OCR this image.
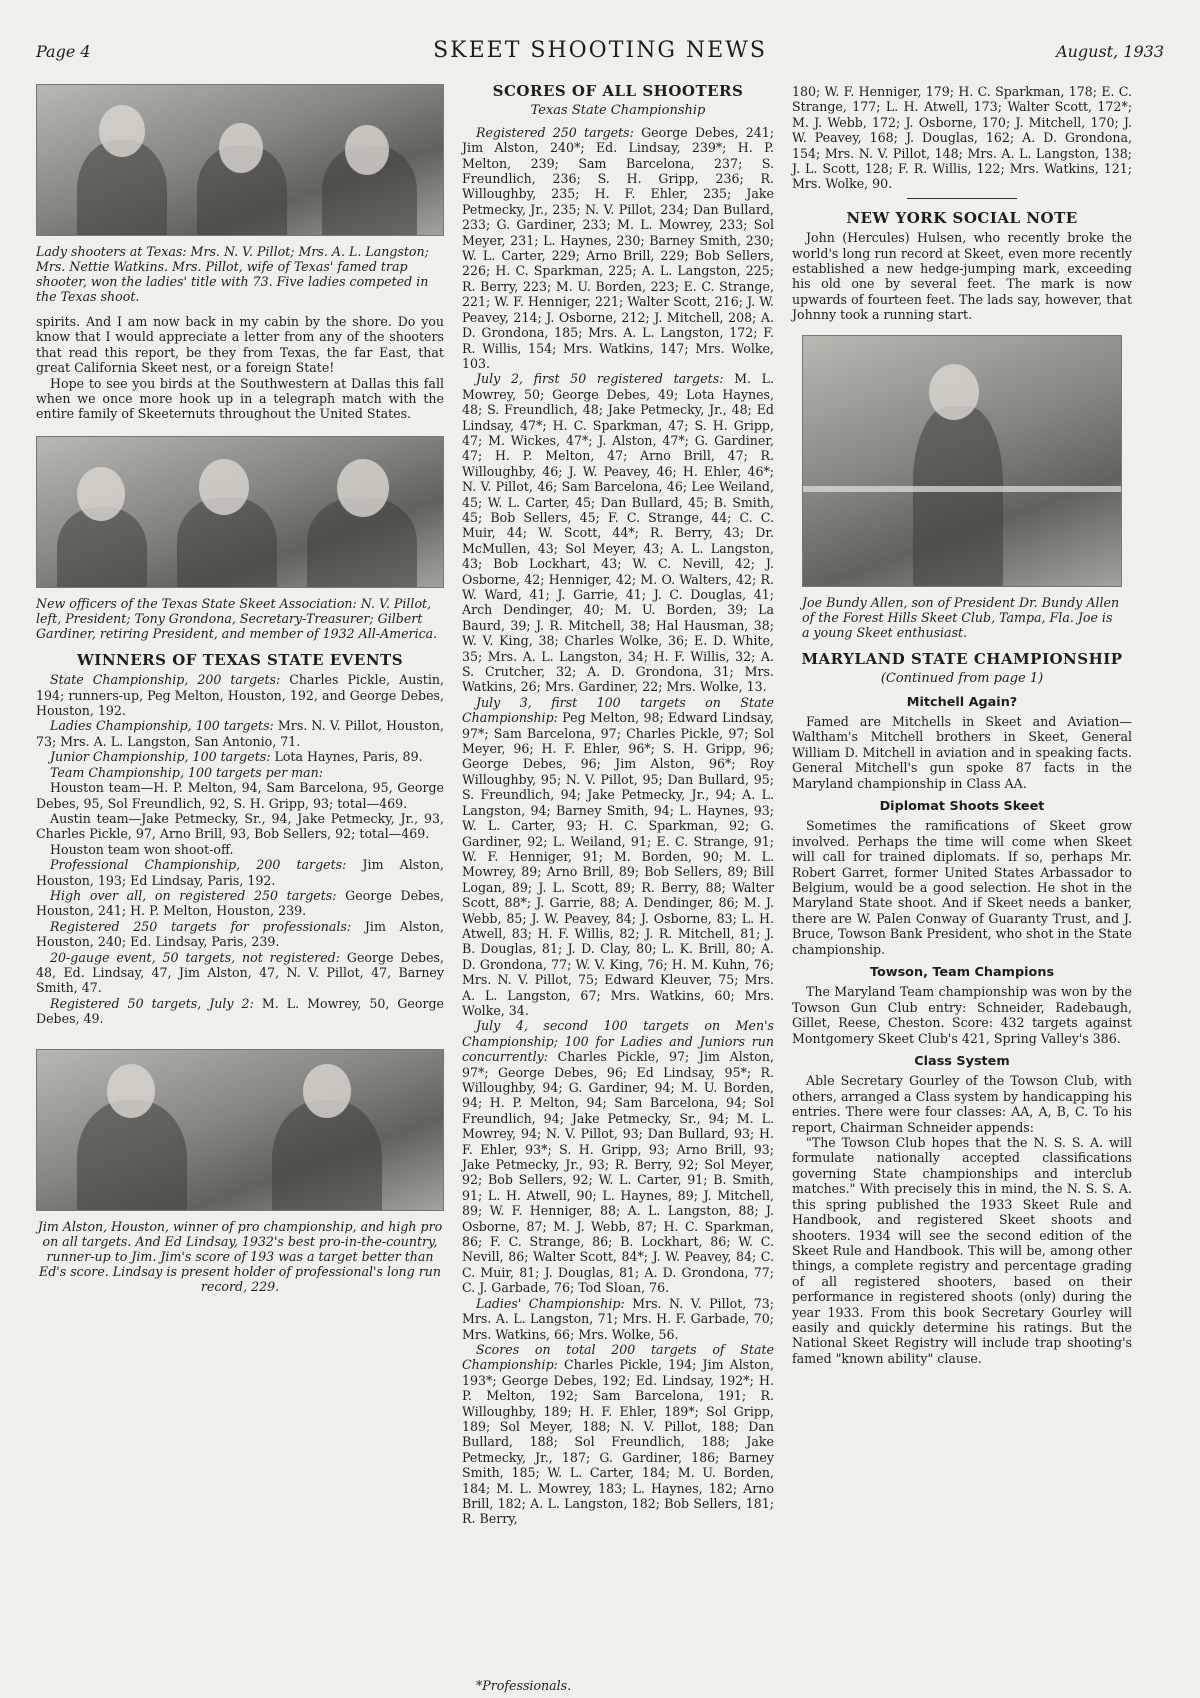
Page 4	SKEET SHOOTING NEWS	August, 1933
Lady shooters at Texas: Mrs. N. V. Pillot; Mrs. A. L. Langston; Mrs. Nettie Watkins. Mrs. Pillot, wife of Texas' famed trap shooter, won the ladies' title with 73. Five ladies competed in the Texas shoot.

spirits. And I am now back in my cabin by the shore. Do you know that I would appreciate a letter from any of the shooters that read this report, be they from Texas, the far East, that great California Skeet nest, or a foreign State!

Hope to see you birds at the Southwestern at Dallas this fall when we once more hook up in a telegraph match with the entire family of Skeeternuts throughout the United States.

New officers of the Texas State Skeet Association: N. V. Pillot, left, President; Tony Grondona, Secretary-Treasurer; Gilbert Gardiner, retiring President, and member of 1932 All-America.
WINNERS OF TEXAS STATE EVENTS

State Championship, 200 targets: Charles Pickle, Austin, 194; runners-up, Peg Melton, Houston, 192, and George Debes, Houston, 192.

Ladies Championship, 100 targets: Mrs. N. V. Pillot, Houston, 73; Mrs. A. L. Langston, San Antonio, 71.

Junior Championship, 100 targets: Lota Haynes, Paris, 89.

Team Championship, 100 targets per man:

Houston team—H. P. Melton, 94, Sam Barcelona, 95, George Debes, 95, Sol Freundlich, 92, S. H. Gripp, 93; total—469.

Austin team—Jake Petmecky, Sr., 94, Jake Petmecky, Jr., 93, Charles Pickle, 97, Arno Brill, 93, Bob Sellers, 92; total—469.

Houston team won shoot-off.

Professional Championship, 200 targets: Jim Alston, Houston, 193; Ed Lindsay, Paris, 192.

High over all, on registered 250 targets: George Debes, Houston, 241; H. P. Melton, Houston, 239.

Registered 250 targets for professionals: Jim Alston, Houston, 240; Ed. Lindsay, Paris, 239.

20-gauge event, 50 targets, not registered: George Debes, 48, Ed. Lindsay, 47, Jim Alston, 47, N. V. Pillot, 47, Barney Smith, 47.

Registered 50 targets, July 2: M. L. Mowrey, 50, George Debes, 49.

Jim Alston, Houston, winner of pro championship, and high pro on all targets. And Ed Lindsay, 1932's best pro-in-the-country, runner-up to Jim. Jim's score of 193 was a target better than Ed's score. Lindsay is present holder of professional's long run record, 229.
SCORES OF ALL SHOOTERS
Texas State Championship

Registered 250 targets: George Debes, 241; Jim Alston, 240*; Ed. Lindsay, 239*; H. P. Melton, 239; Sam Barcelona, 237; S. Freundlich, 236; S. H. Gripp, 236; R. Willoughby, 235; H. F. Ehler, 235; Jake Petmecky, Jr., 235; N. V. Pillot, 234; Dan Bullard, 233; G. Gardiner, 233; M. L. Mowrey, 233; Sol Meyer, 231; L. Haynes, 230; Barney Smith, 230; W. L. Carter, 229; Arno Brill, 229; Bob Sellers, 226; H. C. Sparkman, 225; A. L. Langston, 225; R. Berry, 223; M. U. Borden, 223; E. C. Strange, 221; W. F. Henniger, 221; Walter Scott, 216; J. W. Peavey, 214; J. Osborne, 212; J. Mitchell, 208; A. D. Grondona, 185; Mrs. A. L. Langston, 172; F. R. Willis, 154; Mrs. Watkins, 147; Mrs. Wolke, 103.

July 2, first 50 registered targets: M. L. Mowrey, 50; George Debes, 49; Lota Haynes, 48; S. Freundlich, 48; Jake Petmecky, Jr., 48; Ed Lindsay, 47*; H. C. Sparkman, 47; S. H. Gripp, 47; M. Wickes, 47*; J. Alston, 47*; G. Gardiner, 47; H. P. Melton, 47; Arno Brill, 47; R. Willoughby, 46; J. W. Peavey, 46; H. Ehler, 46*; N. V. Pillot, 46; Sam Barcelona, 46; Lee Weiland, 45; W. L. Carter, 45; Dan Bullard, 45; B. Smith, 45; Bob Sellers, 45; F. C. Strange, 44; C. C. Muir, 44; W. Scott, 44*; R. Berry, 43; Dr. McMullen, 43; Sol Meyer, 43; A. L. Langston, 43; Bob Lockhart, 43; W. C. Nevill, 42; J. Osborne, 42; Henniger, 42; M. O. Walters, 42; R. W. Ward, 41; J. Garrie, 41; J. C. Douglas, 41; Arch Dendinger, 40; M. U. Borden, 39; La Baurd, 39; J. R. Mitchell, 38; Hal Hausman, 38; W. V. King, 38; Charles Wolke, 36; E. D. White, 35; Mrs. A. L. Langston, 34; H. F. Willis, 32; A. S. Crutcher, 32; A. D. Grondona, 31; Mrs. Watkins, 26; Mrs. Gardiner, 22; Mrs. Wolke, 13.

July 3, first 100 targets on State Championship: Peg Melton, 98; Edward Lindsay, 97*; Sam Barcelona, 97; Charles Pickle, 97; Sol Meyer, 96; H. F. Ehler, 96*; S. H. Gripp, 96; George Debes, 96; Jim Alston, 96*; Roy Willoughby, 95; N. V. Pillot, 95; Dan Bullard, 95; S. Freundlich, 94; Jake Petmecky, Jr., 94; A. L. Langston, 94; Barney Smith, 94; L. Haynes, 93; W. L. Carter, 93; H. C. Sparkman, 92; G. Gardiner, 92; L. Weiland, 91; E. C. Strange, 91; W. F. Henniger, 91; M. Borden, 90; M. L. Mowrey, 89; Arno Brill, 89; Bob Sellers, 89; Bill Logan, 89; J. L. Scott, 89; R. Berry, 88; Walter Scott, 88*; J. Garrie, 88; A. Dendinger, 86; M. J. Webb, 85; J. W. Peavey, 84; J. Osborne, 83; L. H. Atwell, 83; H. F. Willis, 82; J. R. Mitchell, 81; J. B. Douglas, 81; J. D. Clay, 80; L. K. Brill, 80; A. D. Grondona, 77; W. V. King, 76; H. M. Kuhn, 76; Mrs. N. V. Pillot, 75; Edward Kleuver, 75; Mrs. A. L. Langston, 67; Mrs. Watkins, 60; Mrs. Wolke, 34.

July 4, second 100 targets on Men's Championship; 100 for Ladies and Juniors run concurrently: Charles Pickle, 97; Jim Alston, 97*; George Debes, 96; Ed Lindsay, 95*; R. Willoughby, 94; G. Gardiner, 94; M. U. Borden, 94; H. P. Melton, 94; Sam Barcelona, 94; Sol Freundlich, 94; Jake Petmecky, Sr., 94; M. L. Mowrey, 94; N. V. Pillot, 93; Dan Bullard, 93; H. F. Ehler, 93*; S. H. Gripp, 93; Arno Brill, 93; Jake Petmecky, Jr., 93; R. Berry, 92; Sol Meyer, 92; Bob Sellers, 92; W. L. Carter, 91; B. Smith, 91; L. H. Atwell, 90; L. Haynes, 89; J. Mitchell, 89; W. F. Henniger, 88; A. L. Langston, 88; J. Osborne, 87; M. J. Webb, 87; H. C. Sparkman, 86; F. C. Strange, 86; B. Lockhart, 86; W. C. Nevill, 86; Walter Scott, 84*; J. W. Peavey, 84; C. C. Muir, 81; J. Douglas, 81; A. D. Grondona, 77; C. J. Garbade, 76; Tod Sloan, 76.

Ladies' Championship: Mrs. N. V. Pillot, 73; Mrs. A. L. Langston, 71; Mrs. H. F. Garbade, 70; Mrs. Watkins, 66; Mrs. Wolke, 56.

Scores on total 200 targets of State Championship: Charles Pickle, 194; Jim Alston, 193*; George Debes, 192; Ed. Lindsay, 192*; H. P. Melton, 192; Sam Barcelona, 191; R. Willoughby, 189; H. F. Ehler, 189*; Sol Gripp, 189; Sol Meyer, 188; N. V. Pillot, 188; Dan Bullard, 188; Sol Freundlich, 188; Jake Petmecky, Jr., 187; G. Gardiner, 186; Barney Smith, 185; W. L. Carter, 184; M. U. Borden, 184; M. L. Mowrey, 183; L. Haynes, 182; Arno Brill, 182; A. L. Langston, 182; Bob Sellers, 181; R. Berry,

180; W. F. Henniger, 179; H. C. Sparkman, 178; E. C. Strange, 177; L. H. Atwell, 173; Walter Scott, 172*; M. J. Webb, 172; J. Osborne, 170; J. Mitchell, 170; J. W. Peavey, 168; J. Douglas, 162; A. D. Grondona, 154; Mrs. N. V. Pillot, 148; Mrs. A. L. Langston, 138; J. L. Scott, 128; F. R. Willis, 122; Mrs. Watkins, 121; Mrs. Wolke, 90.

NEW YORK SOCIAL NOTE

John (Hercules) Hulsen, who recently broke the world's long run record at Skeet, even more recently established a new hedge-jumping mark, exceeding his old one by several feet. The mark is now upwards of fourteen feet. The lads say, however, that Johnny took a running start.

Joe Bundy Allen, son of President Dr. Bundy Allen of the Forest Hills Skeet Club, Tampa, Fla. Joe is a young Skeet enthusiast.
MARYLAND STATE CHAMPIONSHIP
(Continued from page 1)
Mitchell Again?

Famed are Mitchells in Skeet and Aviation—Waltham's Mitchell brothers in Skeet, General William D. Mitchell in aviation and in speaking facts. General Mitchell's gun spoke 87 facts in the Maryland championship in Class AA.

Diplomat Shoots Skeet

Sometimes the ramifications of Skeet grow involved. Perhaps the time will come when Skeet will call for trained diplomats. If so, perhaps Mr. Robert Garret, former United States Arbassador to Belgium, would be a good selection. He shot in the Maryland State shoot. And if Skeet needs a banker, there are W. Palen Conway of Guaranty Trust, and J. Bruce, Towson Bank President, who shot in the State championship.

Towson, Team Champions

The Maryland Team championship was won by the Towson Gun Club entry: Schneider, Radebaugh, Gillet, Reese, Cheston. Score: 432 targets against Montgomery Skeet Club's 421, Spring Valley's 386.

Class System

Able Secretary Gourley of the Towson Club, with others, arranged a Class system by handicapping his entries. There were four classes: AA, A, B, C. To his report, Chairman Schneider appends:

"The Towson Club hopes that the N. S. S. A. will formulate nationally accepted classifications governing State championships and interclub matches." With precisely this in mind, the N. S. S. A. this spring published the 1933 Skeet Rule and Handbook, and registered Skeet shoots and shooters. 1934 will see the second edition of the Skeet Rule and Handbook. This will be, among other things, a complete registry and percentage grading of all registered shooters, based on their performance in registered shoots (only) during the year 1933. From this book Secretary Gourley will easily and quickly determine his ratings. But the National Skeet Registry will include trap shooting's famed "known ability" clause.

*Professionals.
